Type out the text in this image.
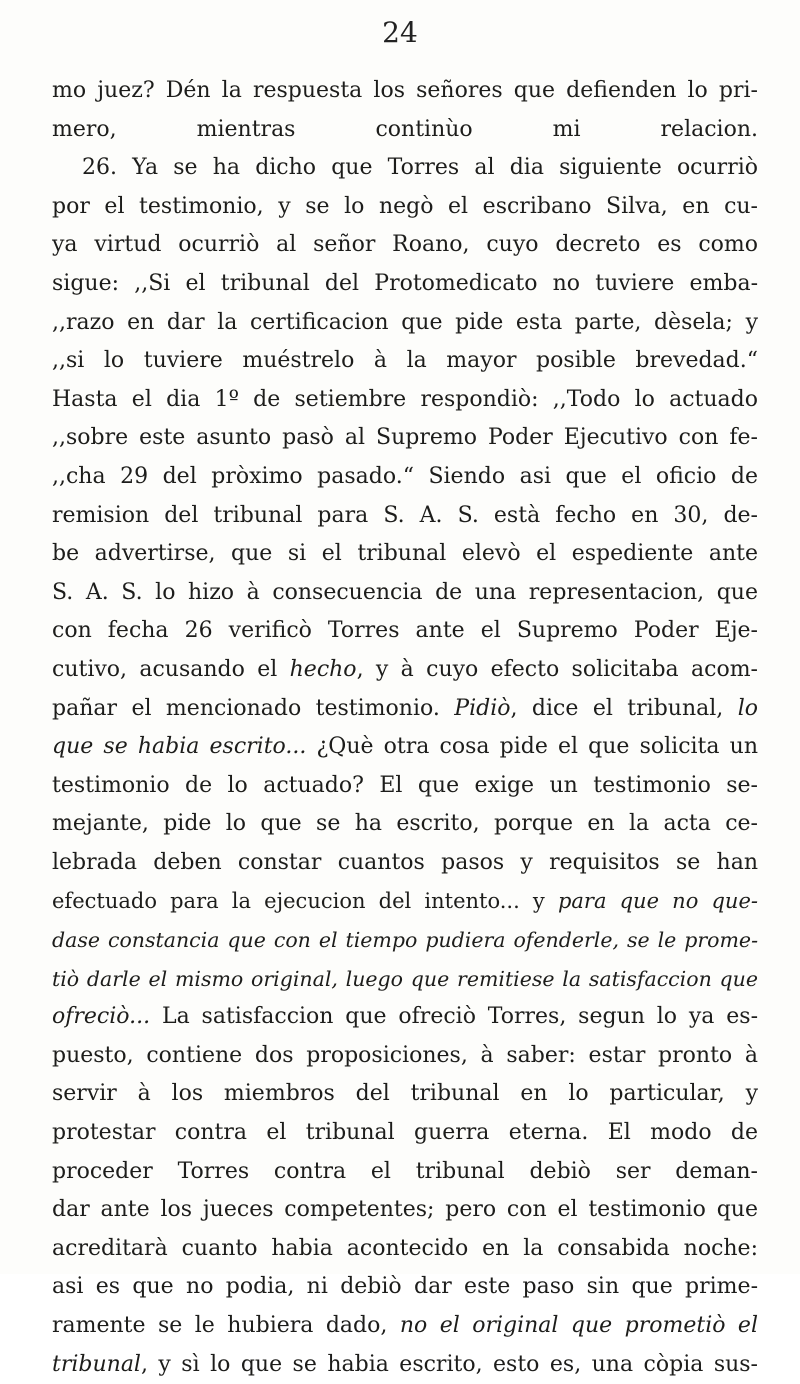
24
mo juez? Dén la respuesta los señores que defienden lo pri-
mero, mientras continùo mi relacion.
26. Ya se ha dicho que Torres al dia siguiente ocurriò
por el testimonio, y se lo negò el escribano Silva, en cu-
ya virtud ocurriò al señor Roano, cuyo decreto es como
sigue: ,,Si el tribunal del Protomedicato no tuviere emba-
,,razo en dar la certificacion que pide esta parte, dèsela; y
,,si lo tuviere muéstrelo à la mayor posible brevedad.“
Hasta el dia 1º de setiembre respondiò: ,,Todo lo actuado
,,sobre este asunto pasò al Supremo Poder Ejecutivo con fe-
,,cha 29 del pròximo pasado.“ Siendo asi que el oficio de
remision del tribunal para S. A. S. està fecho en 30, de-
be advertirse, que si el tribunal elevò el espediente ante
S. A. S. lo hizo à consecuencia de una representacion, que
con fecha 26 verificò Torres ante el Supremo Poder Eje-
cutivo, acusando el hecho, y à cuyo efecto solicitaba acom-
pañar el mencionado testimonio. Pidiò, dice el tribunal, lo
que se habia escrito... ¿Què otra cosa pide el que solicita un
testimonio de lo actuado? El que exige un testimonio se-
mejante, pide lo que se ha escrito, porque en la acta ce-
lebrada deben constar cuantos pasos y requisitos se han
efectuado para la ejecucion del intento... y para que no que-
dase constancia que con el tiempo pudiera ofenderle, se le prome-
tiò darle el mismo original, luego que remitiese la satisfaccion que
ofreciò... La satisfaccion que ofreciò Torres, segun lo ya es-
puesto, contiene dos proposiciones, à saber: estar pronto à
servir à los miembros del tribunal en lo particular, y
protestar contra el tribunal guerra eterna. El modo de
proceder Torres contra el tribunal debiò ser deman-
dar ante los jueces competentes; pero con el testimonio que
acreditarà cuanto habia acontecido en la consabida noche:
asi es que no podia, ni debiò dar este paso sin que prime-
ramente se le hubiera dado, no el original que prometiò el
tribunal, y sì lo que se habia escrito, esto es, una còpia sus-
